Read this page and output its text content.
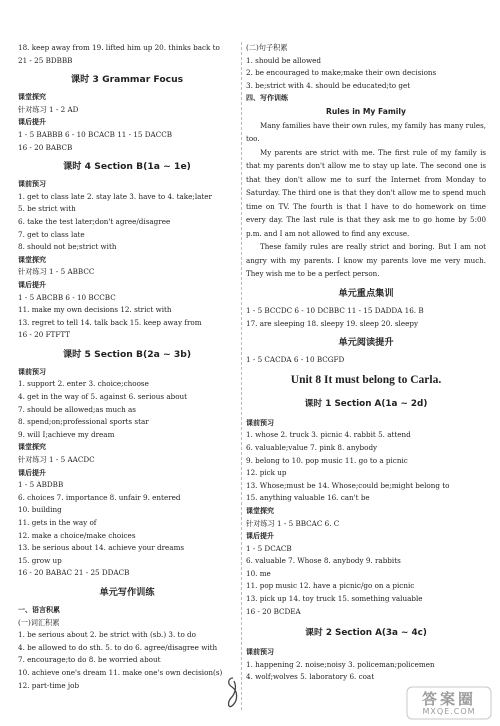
18. keep away from 19. lifted him up 20. thinks back to
21 - 25 BDBBB
课时 3 Grammar Focus
课堂探究
针对练习 1 - 2 AD
课后提升
1 - 5 BABBB 6 - 10 BCACB 11 - 15 DACCB
16 - 20 BABCB
课时 4 Section B(1a ~ 1e)
课前预习
1. get to class late 2. stay late 3. have to 4. take;later
5. be strict with
6. take the test later;don't agree/disagree
7. get to class late
8. should not be;strict with
课堂探究
针对练习 1 - 5 ABBCC
课后提升
1 - 5 ABCBB 6 - 10 BCCBC
11. make my own decisions 12. strict with
13. regret to tell 14. talk back 15. keep away from
16 - 20 FTFTT
课时 5 Section B(2a ~ 3b)
课前预习
1. support 2. enter 3. choice;choose
4. get in the way of 5. against 6. serious about
7. should be allowed;as much as
8. spend;on;professional sports star
9. will I;achieve my dream
课堂探究
针对练习 1 - 5 AACDC
课后提升
1 - 5 ABDBB
6. choices 7. importance 8. unfair 9. entered
10. building
11. gets in the way of
12. make a choice/make choices
13. be serious about 14. achieve your dreams
15. grow up
16 - 20 BABAC 21 - 25 DDACB
单元写作训练
一、语言积累
(一)词汇积累
1. be serious about 2. be strict with (sb.) 3. to do
4. be allowed to do sth. 5. to do 6. agree/disagree with
7. encourage;to do 8. be worried about
10. achieve one's dream 11. make one's own decision(s)
12. part-time job
(二)句子积累
1. should be allowed
2. be encouraged to make;make their own decisions
3. be;strict with 4. should be educated;to get
四、写作训练
Rules in My Family
Many families have their own rules, my family has many rules, too.
My parents are strict with me. The first rule of my family is that my parents don't allow me to stay up late. The second one is that they don't allow me to surf the Internet from Monday to Saturday. The third one is that they don't allow me to spend much time on TV. The fourth is that I have to do homework on time every day. The last rule is that they ask me to go home by 5:00 p.m. and I am not allowed to find any excuse.
These family rules are really strict and boring. But I am not angry with my parents. I know my parents love me very much. They wish me to be a perfect person.
单元重点集训
1 - 5 BCCDC 6 - 10 DCBBC 11 - 15 DADDA 16. B
17. are sleeping 18. sleepy 19. sleep 20. sleepy
单元阅读提升
1 - 5 CACDA 6 - 10 BCGFD
Unit 8 It must belong to Carla.
课时 1 Section A(1a ~ 2d)
课前预习
1. whose 2. truck 3. picnic 4. rabbit 5. attend
6. valuable;value 7. pink 8. anybody
9. belong to 10. pop music 11. go to a picnic
12. pick up
13. Whose;must be 14. Whose;could be;might belong to
15. anything valuable 16. can't be
课堂探究
针对练习 1 - 5 BBCAC 6. C
课后提升
1 - 5 DCACB
6. valuable 7. Whose 8. anybody 9. rabbits
10. me
11. pop music 12. have a picnic/go on a picnic
13. pick up 14. toy truck 15. something valuable
16 - 20 BCDEA
课时 2 Section A(3a ~ 4c)
课前预习
1. happening 2. noise;noisy 3. policeman;policemen
4. wolf;wolves 5. laboratory 6. coat
答案圈
MXQE.COM
